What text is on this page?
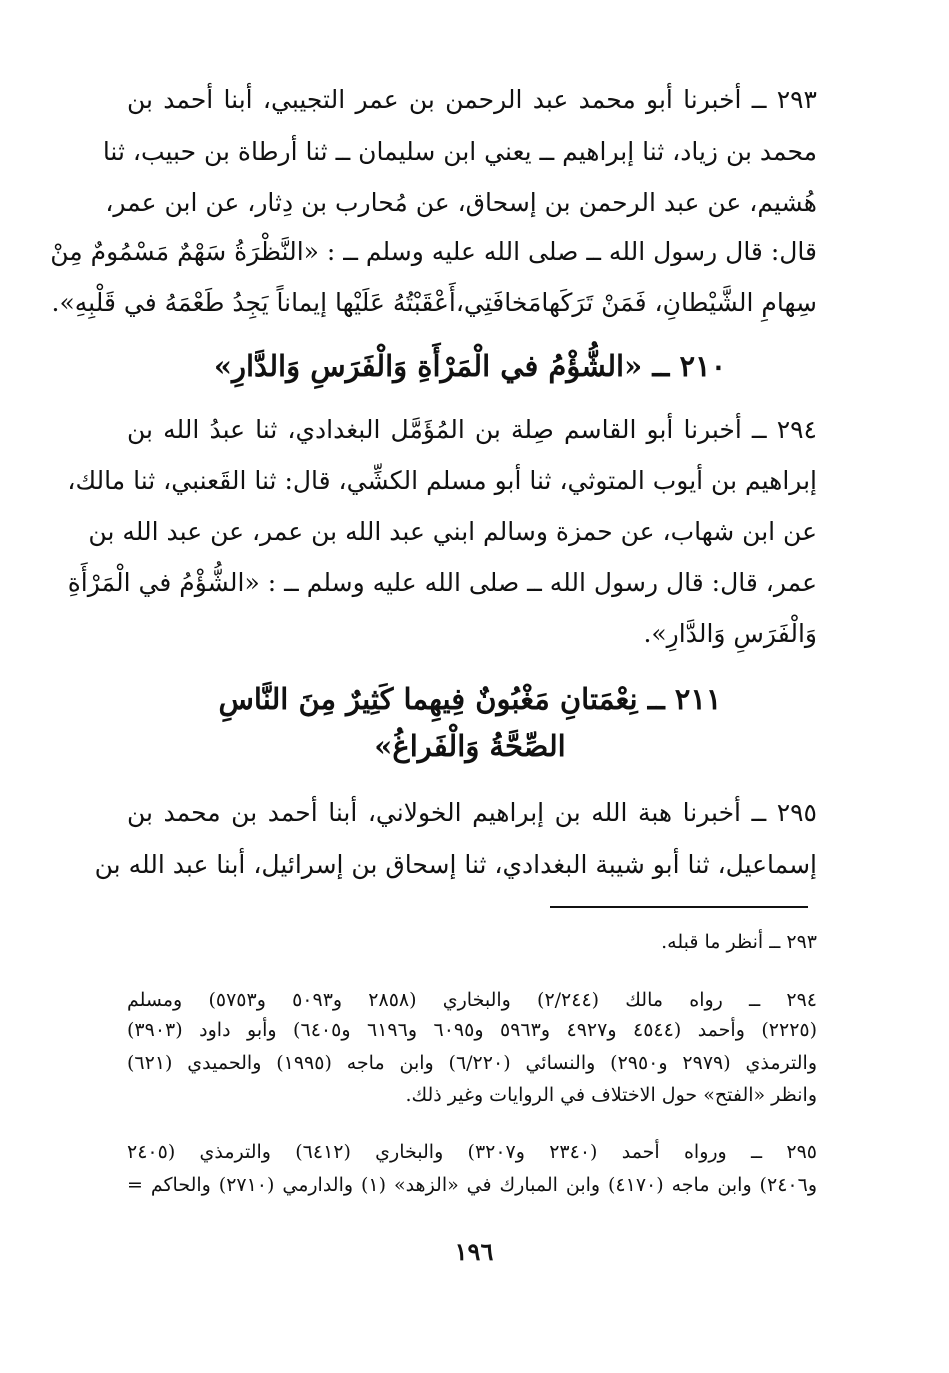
٢٩٣ ــ أخبرنا أبو محمد عبد الرحمن بن عمر التجيبي، أبنا أحمد بن
محمد بن زياد، ثنا إبراهيم ــ يعني ابن سليمان ــ ثنا أرطاة بن حبيب، ثنا
هُشيم، عن عبد الرحمن بن إسحاق، عن مُحارب بن دِثار، عن ابن عمر،
قال: قال رسول الله ــ صلى الله عليه وسلم ــ : «النَّظْرَةُ سَهْمٌ مَسْمُومٌ مِنْ
سِهامِ الشَّيْطانِ، فَمَنْ تَرَكَهامَخافَتِي،أَعْقَبْتُهُ عَلَيْها إيماناً يَجِدُ طَعْمَهُ في قَلْبِهِ».
٢١٠ ــ «الشُّؤْمُ في الْمَرْأَةِ وَالْفَرَسِ وَالدَّارِ»
٢٩٤ ــ أخبرنا أبو القاسم صِلة بن المُؤَمَّل البغدادي، ثنا عبدُ الله بن
إبراهيم بن أيوب المتوثي، ثنا أبو مسلم الكشِّي، قال: ثنا القَعنبي، ثنا مالك،
عن ابن شهاب، عن حمزة وسالم ابني عبد الله بن عمر، عن عبد الله بن
عمر، قال: قال رسول الله ــ صلى الله عليه وسلم ــ : «الشُّؤْمُ في الْمَرْأَةِ
وَالْفَرَسِ وَالدَّارِ».
٢١١ ــ نِعْمَتانِ مَغْبُونٌ فِيهِما كَثِيرٌ مِنَ النَّاسِ
الصِّحَّةُ وَالْفَراغُ»
٢٩٥ ــ أخبرنا هبة الله بن إبراهيم الخولاني، أبنا أحمد بن محمد بن
إسماعيل، ثنا أبو شيبة البغدادي، ثنا إسحاق بن إسرائيل، أبنا عبد الله بن
٢٩٣ ــ أنظر ما قبله.
٢٩٤ ــ رواه مالك (٢/٢٤٤) والبخاري (٢٨٥٨ و٥٠٩٣ و٥٧٥٣) ومسلم
(٢٢٢٥) وأحمد (٤٥٤٤ و٤٩٢٧ و٥٩٦٣ و٦٠٩٥ و٦١٩٦ و٦٤٠٥) وأبو داود (٣٩٠٣)
والترمذي (٢٩٧٩ و٢٩٥٠) والنسائي (٦/٢٢٠) وابن ماجه (١٩٩٥) والحميدي (٦٢١)
وانظر «الفتح» حول الاختلاف في الروايات وغير ذلك.
٢٩٥ ــ ورواه أحمد (٢٣٤٠ و٣٢٠٧) والبخاري (٦٤١٢) والترمذي (٢٤٠٥
و٢٤٠٦) وابن ماجه (٤١٧٠) وابن المبارك في «الزهد» (١) والدارمي (٢٧١٠) والحاكم =
١٩٦
